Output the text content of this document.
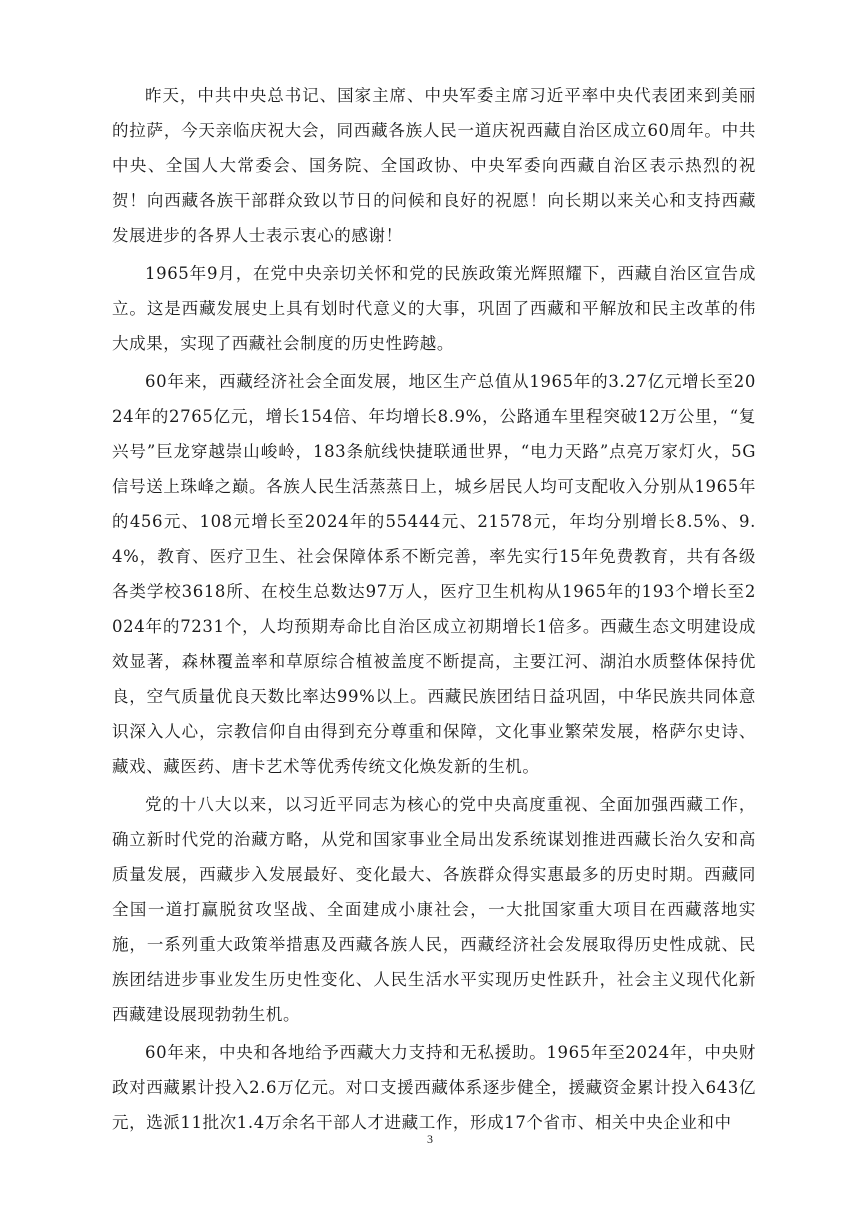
昨天，中共中央总书记、国家主席、中央军委主席习近平率中央代表团来到美丽的拉萨，今天亲临庆祝大会，同西藏各族人民一道庆祝西藏自治区成立60周年。中共中央、全国人大常委会、国务院、全国政协、中央军委向西藏自治区表示热烈的祝贺！向西藏各族干部群众致以节日的问候和良好的祝愿！向长期以来关心和支持西藏发展进步的各界人士表示衷心的感谢！

1965年9月，在党中央亲切关怀和党的民族政策光辉照耀下，西藏自治区宣告成立。这是西藏发展史上具有划时代意义的大事，巩固了西藏和平解放和民主改革的伟大成果，实现了西藏社会制度的历史性跨越。

60年来，西藏经济社会全面发展，地区生产总值从1965年的3.27亿元增长至2024年的2765亿元，增长154倍、年均增长8.9%，公路通车里程突破12万公里，“复兴号”巨龙穿越崇山峻岭，183条航线快捷联通世界，“电力天路”点亮万家灯火，5G信号送上珠峰之巅。各族人民生活蒸蒸日上，城乡居民人均可支配收入分别从1965年的456元、108元增长至2024年的55444元、21578元，年均分别增长8.5%、9.4%，教育、医疗卫生、社会保障体系不断完善，率先实行15年免费教育，共有各级各类学校3618所、在校生总数达97万人，医疗卫生机构从1965年的193个增长至2024年的7231个，人均预期寿命比自治区成立初期增长1倍多。西藏生态文明建设成效显著，森林覆盖率和草原综合植被盖度不断提高，主要江河、湖泊水质整体保持优良，空气质量优良天数比率达99%以上。西藏民族团结日益巩固，中华民族共同体意识深入人心，宗教信仰自由得到充分尊重和保障，文化事业繁荣发展，格萨尔史诗、藏戏、藏医药、唐卡艺术等优秀传统文化焕发新的生机。

党的十八大以来，以习近平同志为核心的党中央高度重视、全面加强西藏工作，确立新时代党的治藏方略，从党和国家事业全局出发系统谋划推进西藏长治久安和高质量发展，西藏步入发展最好、变化最大、各族群众得实惠最多的历史时期。西藏同全国一道打赢脱贫攻坚战、全面建成小康社会，一大批国家重大项目在西藏落地实施，一系列重大政策举措惠及西藏各族人民，西藏经济社会发展取得历史性成就、民族团结进步事业发生历史性变化、人民生活水平实现历史性跃升，社会主义现代化新西藏建设展现勃勃生机。

60年来，中央和各地给予西藏大力支持和无私援助。1965年至2024年，中央财政对西藏累计投入2.6万亿元。对口支援西藏体系逐步健全，援藏资金累计投入643亿元，选派11批次1.4万余名干部人才进藏工作，形成17个省市、相关中央企业和中

3
